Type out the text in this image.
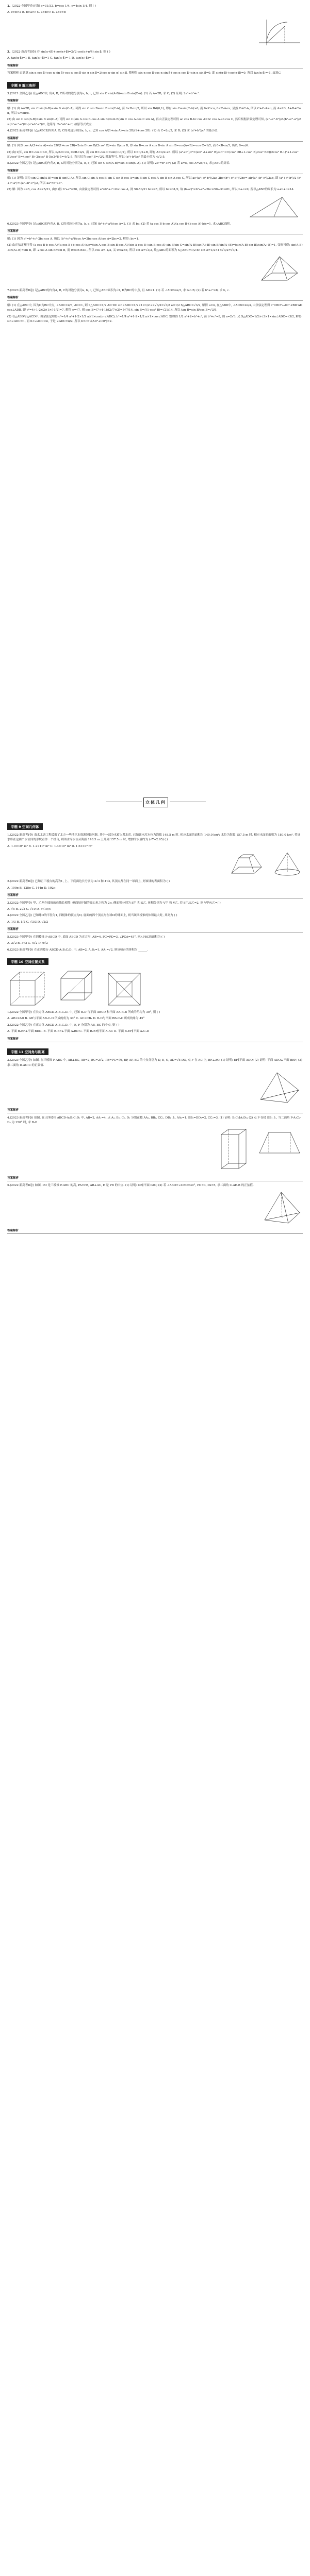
1. (2022·全国甲卷)已知 a=31/32, b=cos 1/4, c=4sin 1/4, 则 ( )

A. c>b>a B. b>a>c C. a>b>c D. a>c>b

2. (2022·新高考Ⅱ卷) 若 sin(α+β)+cos(α+β)=2√2 cos(α+π/4) sin β, 则 ( )

A. tan(α-β)=1 B. tan(α+β)=1 C. tan(α-β)=-1 D. tan(α+β)=-1

答案解析

答案解析 由题意 sin α cos β+cos α sin β+cos α cos β-sin α sin β=2(cos α-sin α) sin β, 整理得 sin α cos β-cos α sin β+cos α cos β+sin α sin β=0, 即 sin(α-β)+cos(α-β)=0, 所以 tan(α-β)=-1. 故选C.

专题 8 解三角形

3.(2021·全国乙卷) 在△ABC中, 角A, B, C所对的边分别为a, b, c, 已知 sin C sin(A-B)=sin B sin(C-A). (1) 若 A=2B, 求 C; (2) 证明: 2a²=b²+c².

答案解析

解: (1) 由 A=2B, sin C sin(A-B)=sin B sin(C-A), 可得 sin C sin B=sin B sin(C-A), 而 0<B<π/2, 所以 sin B∈(0,1), 即有 sin C=sin(C-A)>0, 而 0<C<π, 0<C-A<π, 显然 C≠C-A, 所以 C+C-A=π, 而 A=2B, A+B+C=π, 所以 C=5π/8.

(2) 由 sin C sin(A-B)=sin B sin(C-A) 可得 sin C(sin A cos B-cos A sin B)=sin B(sin C cos A-cos C sin A), 再由正弦定理可得 ac cos B-bc cos A=bc cos A-ab cos C, 然后根据余弦定理可知, (a²+c²-b²)/2-(b²+c²-a²)/2=(b²+c²-a²)/2-(a²+b²-c²)/2, 化简得: 2a²=b²+c², 故原等式成立.

4.(2022·新高考Ⅰ卷) 记△ABC的内角A, B, C的对边分别为a, b, c, 已知 cos A/(1+sin A)=sin 2B/(1+cos 2B). (1) 若 C=2π/3, 求 B; (2) 求 (a²+b²)/c² 的最小值.

答案解析

解: (1) 因为 cos A/(1+sin A)=sin 2B/(1+cos 2B)=2sin B cos B/(2cos² B)=sin B/cos B, 即 sin B=cos A cos B-sin A sin B=cos(A+B)=-cos C=1/2, 而 0<B<π/3, 所以 B=π/6.

(2) 由(1)知, sin B=-cos C>0, 所以 π/2<C<π, 0<B<π/2, 而 sin B=-cos C=sin(C-π/2), 所以 C=π/2+B, 即有 A=π/2-2B. 所以 (a²+b²)/c²=(sin² A+sin² B)/sin² C=(cos² 2B+1-cos² B)/cos² B=((2cos² B-1)²+1-cos² B)/cos² B=4cos² B+2/cos² B-5≥2√8-5=4√2-5. 当且仅当 cos² B=√2/2 时取等号, 所以 (a²+b²)/c² 的最小值为 4√2-5.

5.(2022·全国乙卷) 记△ABC的内角A, B, C的对边分别为a, b, c, 已知 sin C sin(A-B)=sin B sin(C-A). (1) 证明: 2a²=b²+c²; (2) 若 a=5, cos A=25/31, 求△ABC的周长.

答案解析

解: (1) 证明: 因为 sin C sin(A-B)=sin B sin(C-A), 所以 sin C sin A cos B-sin C sin B cos A=sin B sin C cos A-sin B sin A cos C, 所以 ac·(a²+c²-b²)/2ac-2bc·(b²+c²-a²)/2bc=-ab·(a²+b²-c²)/2ab, 即 (a²+c²-b²)/2-(b²+c²-a²)=-(a²+b²-c²)/2, 所以 2a²=b²+c².

(2) 解: 因为 a=5, cos A=25/31, 由(1)得 b²+c²=50, 由余弦定理可得 a²=b²+c²-2bc cos A, 则 50-50/31 bc=25, 所以 bc=31/2, 故 (b+c)²=b²+c²+2bc=50+31=81, 所以 b+c=9, 所以△ABC的周长为 a+b+c=14.

6.(2023·全国甲卷) 记△ABC的内角A, B, C的对边分别为a, b, c, 已知 (b²+c²-a²)/cos A=2. (1) 求 bc; (2) 若 (a cos B-b cos A)/(a cos B+b cos A)-b/c=1, 求△ABC面积.

答案解析

解: (1) 因为 a²=b²+c²-2bc cos A, 所以 (b²+c²-a²)/cos A=2bc cos A/cos A=2bc=2, 解得: bc=1.

(2) 由正弦定理可得 (a cos B-b cos A)/(a cos B+b cos A)-b/c=(sin A cos B-sin B cos A)/(sin A cos B+sin B cos A)-sin B/sin C=sin(A-B)/sin(A+B)-sin B/sin(A+B)=(sin(A-B)-sin B)/sin(A+B)=1, 变形可得: sin(A-B)-sin(A+B)=sin B, 即 -2cos A sin B=sin B, 而 0<sin B≤1, 所以 cos A=-1/2, 又 0<A<π, 所以 sin A=√3/2, 故△ABC的面积为 S△ABC=1/2 bc sin A=1/2×1×√3/2=√3/4.

7.(2023·新高考Ⅱ卷) 记△ABC的内角A, B, C的对边分别为a, b, c, 已知△ABC面积为√3, D为BC的中点, 且 AD=1. (1) 若 ∠ADC=π/3, 求 tan B; (2) 若 b²+c²=8, 求 b, c.

答案解析

解: (1) 在△ABC中, 因为D为BC中点, ∠ADC=π/3, AD=1, 则 S△ADC=1/2 AD·DC sin∠ADC=1/2×1×1/2 a×√3/2=√3/8 a=1/2 S△ABC=√3/2, 解得 a=4, 在△ABD中, ∠ADB=2π/3, 由余弦定理得 c²=BD²+AD²-2BD·AD cos∠ADB, 即 c²=4+1-2×2×1×(-1/2)=7, 解得 c=√7, 则 cos B=(7+4-1)/(2√7×2)=5√7/14, sin B=√(1-cos² B)=√21/14, 所以 tan B=sin B/cos B=√3/5.

(2) 在△ABD与△ACD中, 由余弦定理得 c²=1/4 a²+1-2×1/2 a×1×cos(π-∠ADC), b²=1/4 a²+1-2×1/2 a×1×cos∠ADC, 整理得 1/2 a²+2=b²+c², 而 b²+c²=8, 则 a=2√3, 又 S△ADC=1/2×√3×1×sin∠ADC=√3/2, 解得 sin∠ADC=1, 而 0<∠ADC<π, 于是 ∠ADC=π/2, 所以 b=c=√(AD²+CD²)=2.

立体几何
专题 9 空间几何体

1.(2022·新高考Ⅰ卷) 南水北调工程缓解了北方一些地区水资源短缺问题, 其中一部分水蓄入某水库. 已知该水库水位为海拔 148.5 m 时, 相应水面的面积为 140.0 km²; 水位为海拔 157.5 m 时, 相应水面的面积为 180.0 km², 将该水库在这两个水位间的形状看作一个棱台, 则该水库水位从海拔 148.5 m 上升到 157.5 m 时, 增加的水量约为 (√7≈2.65) ( )

A. 1.0×10⁹ m³ B. 1.2×10⁹ m³ C. 1.4×10⁹ m³ D. 1.6×10⁹ m³

2.(2022·新高考Ⅱ卷) 已知正三棱台的高为1, 上、下底面边长分别为 3√3 和 4√3, 其顶点都在同一球面上, 则该球的表面积为 ( )

A. 100π B. 128π C. 144π D. 192π

答案解析

3.(2022·全国甲卷) 甲、乙两个圆锥的母线长相等, 侧面展开图的圆心角之和为 2π, 侧面积分别为 S甲 和 S乙, 体积分别为 V甲 和 V乙. 若 S甲/S乙=2, 则 V甲/V乙=( )

A. √5 B. 2√2 C. √10 D. 5√10/4

4.(2022·全国乙卷) 已知球O的半径为1, 四棱锥的顶点为O, 底面的四个顶点均在球O的球面上, 则当该四棱锥的体积最大时, 其高为 ( )

A. 1/3 B. 1/2 C. √3/3 D. √2/2

答案解析

5.(2023·全国甲卷) 在四棱锥 P-ABCD 中, 底面 ABCD 为正方形, AB=4, PC=PD=3, ∠PCA=45°, 则△PBC的面积为 ( )

A. 2√2 B. 3√2 C. 4√2 D. 6√2

6.(2023·新高考Ⅰ卷) 在正四棱台 ABCD-A₁B₁C₁D₁ 中, AB=2, A₁B₁=1, AA₁=√2, 则该棱台的体积为 ______.

专题 10 空间位置关系

1.(2022·全国甲卷) 在长方体 ABCD-A₁B₁C₁D₁ 中, 已知 B₁D 与平面 ABCD 和平面 AA₁B₁B 所成的角均为 30°, 则 ( )

A. AB=2AD B. AB与平面 AB₁C₁D 所成的角为 30° C. AC=CB₁ D. B₁D与平面 BB₁C₁C 所成的角为 45°

2.(2022·全国乙卷) 在正方体 ABCD-A₁B₁C₁D₁ 中, E, F 分别为 AB, BC 的中点, 则 ( )

A. 平面 B₁EF⊥平面 BDD₁ B. 平面 B₁EF⊥平面 A₁BD C. 平面 B₁EF∥平面 A₁AC D. 平面 B₁EF∥平面 A₁C₁D

答案解析
专题 11 空间角与距离

3.(2023·全国乙卷) 如图, 在三棱锥 P-ABC 中, AB⊥BC, AB=2, BC=2√2, PB=PC=√6, BP, AP, BC 的中点分别为 D, E, O, AD=√5 DO, 点 F 在 AC 上, BF⊥AO. (1) 证明: EF∥平面 ADO; (2) 证明: 平面 ADO⊥平面 BEF; (3) 求二面角 D-AO-C 的正弦值.

答案解析

4.(2023·新高考Ⅰ卷) 如图, 在正四棱柱 ABCD-A₁B₁C₁D₁ 中, AB=2, AA₁=4. 点 A₂, B₂, C₂, D₂ 分别在棱 AA₁, BB₁, CC₁, DD₁ 上, AA₂=1, BB₂=DD₂=2, CC₂=3. (1) 证明: B₂C₂∥A₂D₂; (2) 点 P 在棱 BB₁ 上, 当二面角 P-A₂C₂-D₂ 为 150° 时, 求 B₂P.

答案解析

5.(2022·新高考Ⅱ卷) 如图, PO 是三棱锥 P-ABC 的高, PA=PB, AB⊥AC, E 是 PB 的中点. (1) 证明: OE∥平面 PAC; (2) 若 ∠ABO=∠CBO=30°, PO=3, PA=5, 求二面角 C-AE-B 的正弦值.

答案解析
